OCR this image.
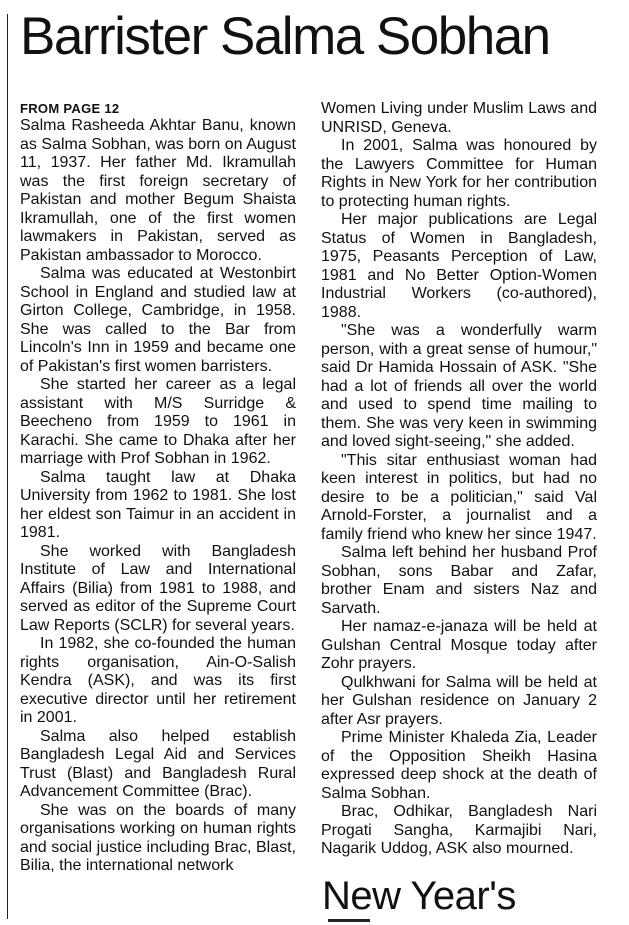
Barrister Salma Sobhan
FROM PAGE 12

Salma Rasheeda Akhtar Banu, known as Salma Sobhan, was born on August 11, 1937. Her father Md. Ikramullah was the first foreign secretary of Pakistan and mother Begum Shaista Ikramullah, one of the first women lawmakers in Pakistan, served as Pakistan ambassador to Morocco.

Salma was educated at Westonbirt School in England and studied law at Girton College, Cambridge, in 1958. She was called to the Bar from Lincoln's Inn in 1959 and became one of Pakistan's first women barristers.

She started her career as a legal assistant with M/S Surridge & Beecheno from 1959 to 1961 in Karachi. She came to Dhaka after her marriage with Prof Sobhan in 1962.

Salma taught law at Dhaka University from 1962 to 1981. She lost her eldest son Taimur in an accident in 1981.

She worked with Bangladesh Institute of Law and International Affairs (Bilia) from 1981 to 1988, and served as editor of the Supreme Court Law Reports (SCLR) for several years.

In 1982, she co-founded the human rights organisation, Ain-O-Salish Kendra (ASK), and was its first executive director until her retirement in 2001.

Salma also helped establish Bangladesh Legal Aid and Services Trust (Blast) and Bangladesh Rural Advancement Committee (Brac).

She was on the boards of many organisations working on human rights and social justice including Brac, Blast, Bilia, the international network

Women Living under Muslim Laws and UNRISD, Geneva.

In 2001, Salma was honoured by the Lawyers Committee for Human Rights in New York for her contribution to protecting human rights.

Her major publications are Legal Status of Women in Bangladesh, 1975, Peasants Perception of Law, 1981 and No Better Option-Women Industrial Workers (co-authored), 1988.

"She was a wonderfully warm person, with a great sense of humour," said Dr Hamida Hossain of ASK. "She had a lot of friends all over the world and used to spend time mailing to them. She was very keen in swimming and loved sight-seeing," she added.

"This sitar enthusiast woman had keen interest in politics, but had no desire to be a politician," said Val Arnold-Forster, a journalist and a family friend who knew her since 1947.

Salma left behind her husband Prof Sobhan, sons Babar and Zafar, brother Enam and sisters Naz and Sarvath.

Her namaz-e-janaza will be held at Gulshan Central Mosque today after Zohr prayers.

Qulkhwani for Salma will be held at her Gulshan residence on January 2 after Asr prayers.

Prime Minister Khaleda Zia, Leader of the Opposition Sheikh Hasina expressed deep shock at the death of Salma Sobhan.

Brac, Odhikar, Bangladesh Nari Progati Sangha, Karmajibi Nari, Nagarik Uddog, ASK also mourned.

New Year's
